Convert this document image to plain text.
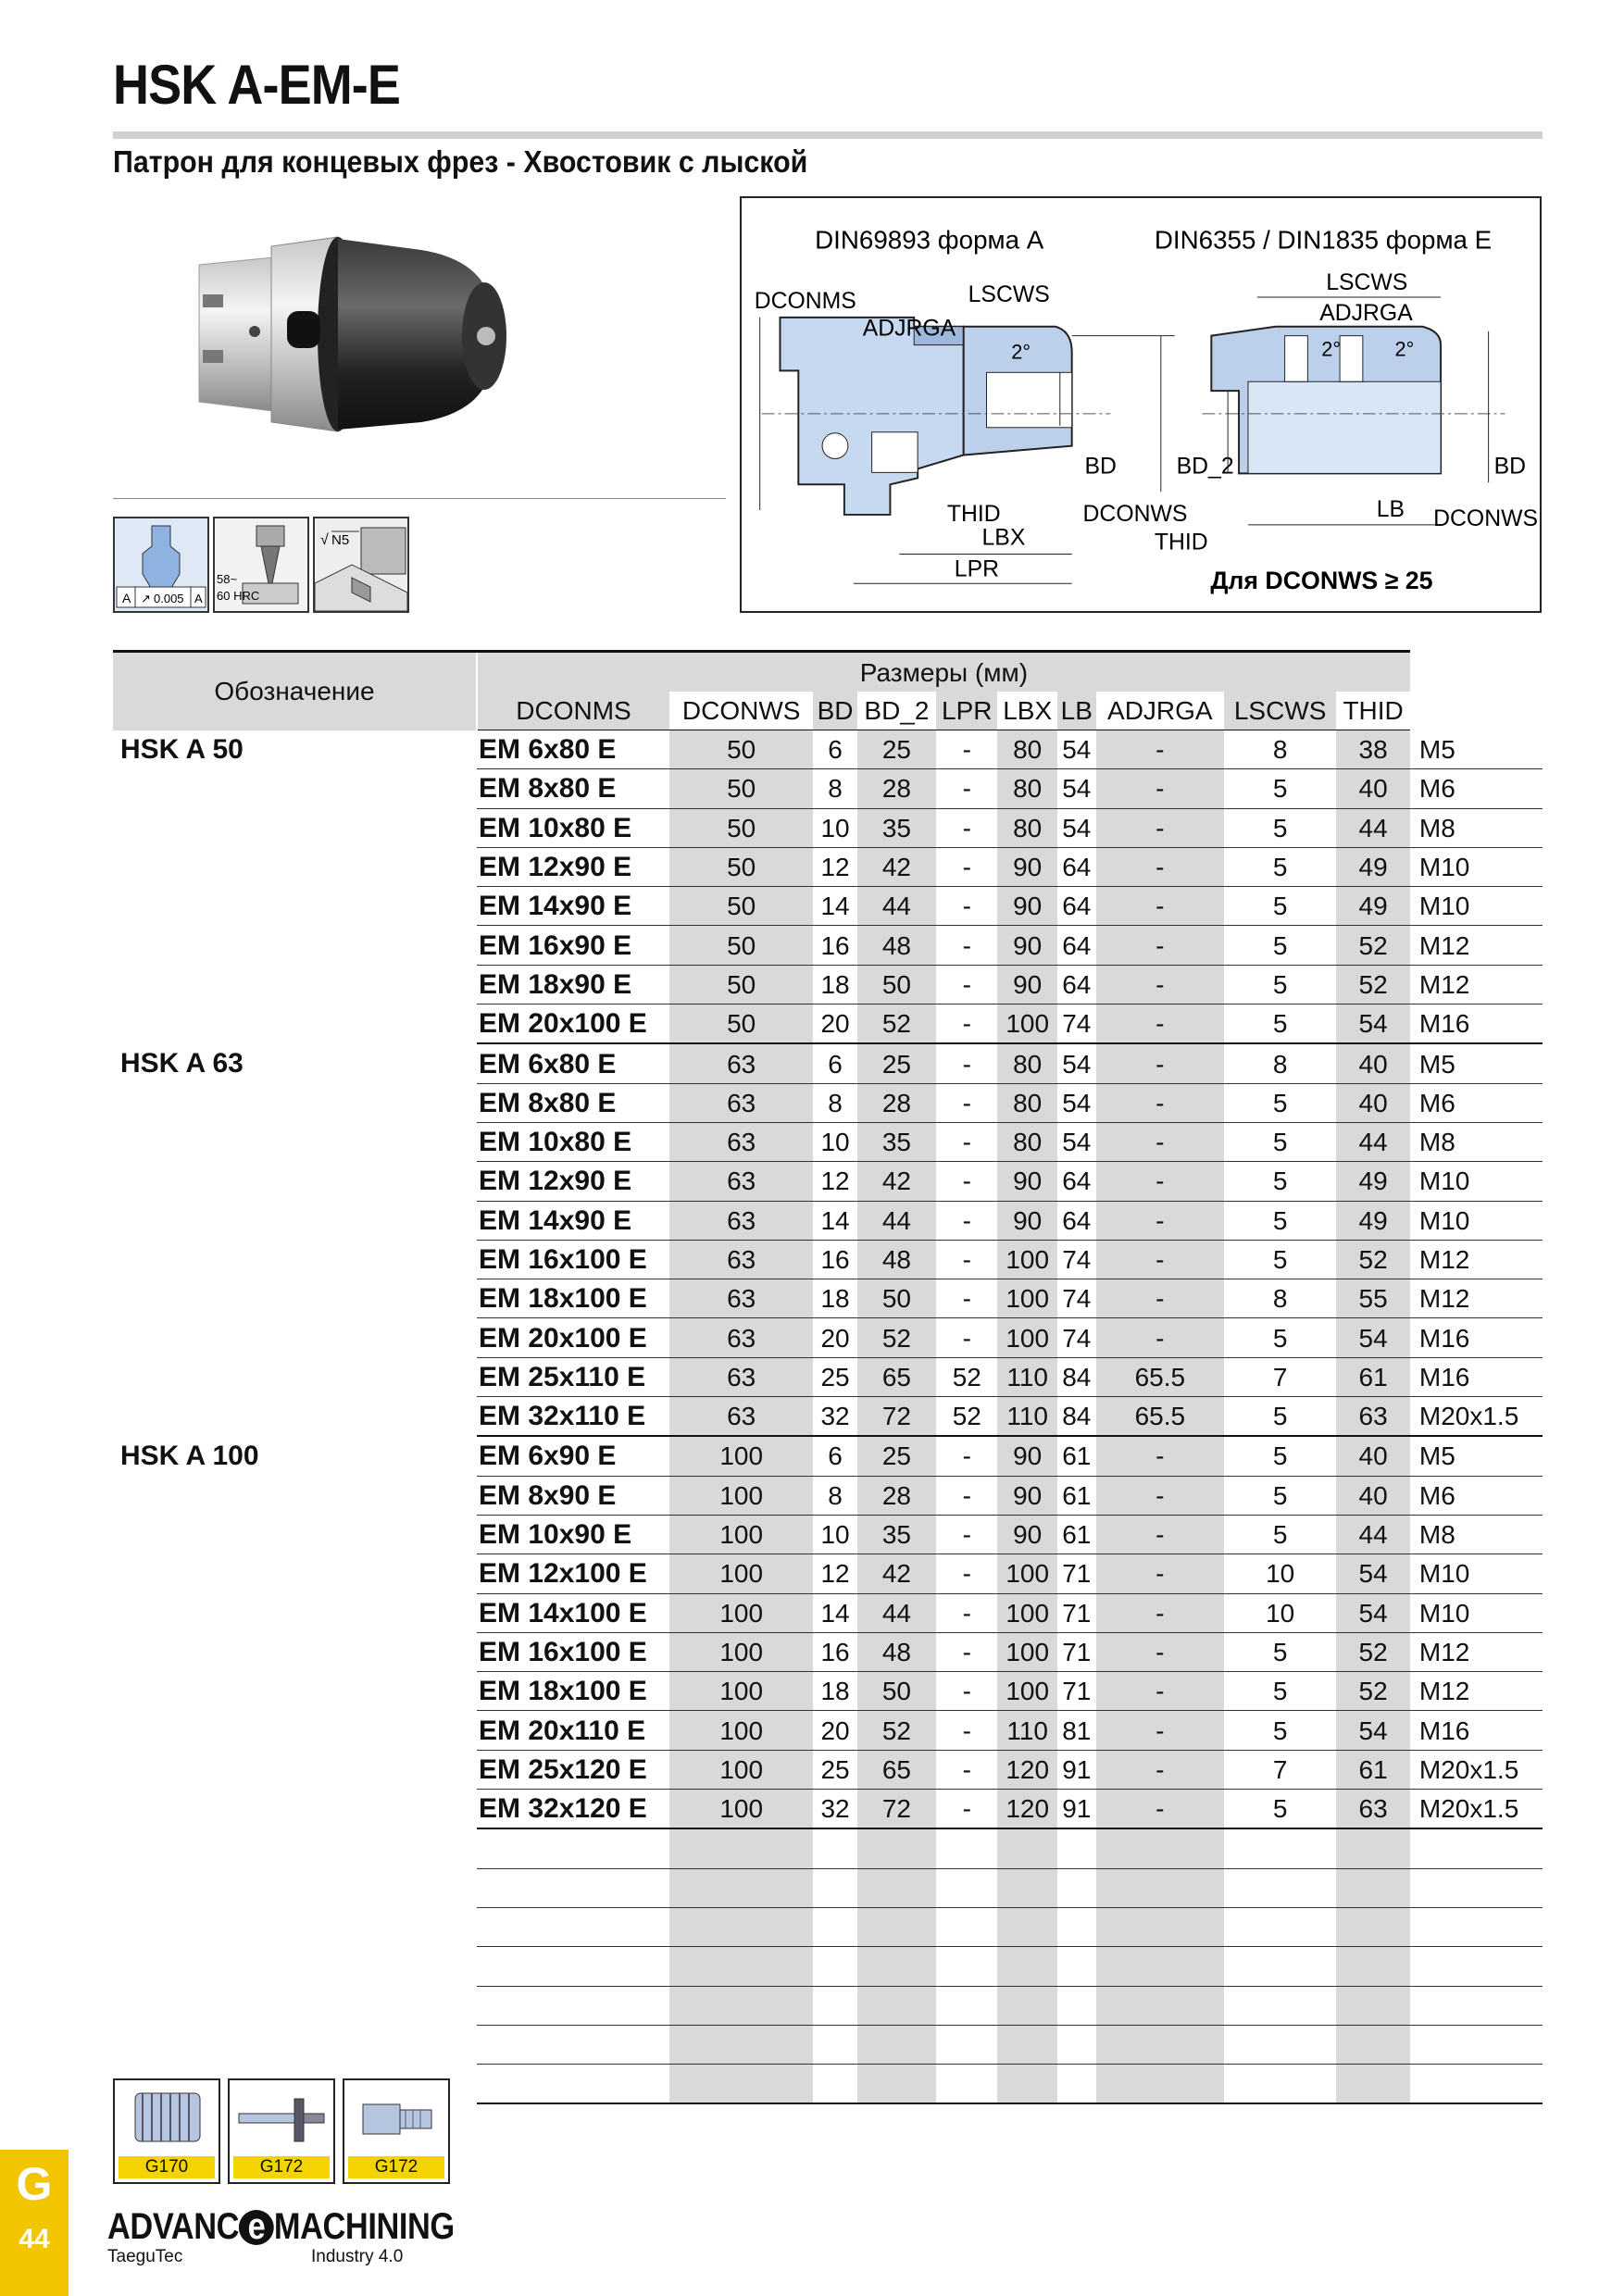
HSK A-EM-E
Патрон для концевых фрез - Хвостовик с лыской
A ↗ 0.005 A
58~
60 HRC
√ N5
DIN69893 форма A	DIN6355 / DIN1835 форма E
DCONMS
ADJRGA
LSCWS
2°
BD
THID
LBX
LPR
DCONWS
LSCWS
ADJRGA
2°	2°
BD_2	BD
LB DCONWS
THID
Для DCONWS ≥ 25
Обозначение	Размеры (мм)										
	DCONMS	DCONWS	BD	BD_2	LPR	LBX	LB	ADJRGA	LSCWS	THID	
HSK A 50	EM 6x80 E	50	6	25	-	80	54	-	8	38	M5
	EM 8x80 E	50	8	28	-	80	54	-	5	40	M6
	EM 10x80 E	50	10	35	-	80	54	-	5	44	M8
	EM 12x90 E	50	12	42	-	90	64	-	5	49	M10
	EM 14x90 E	50	14	44	-	90	64	-	5	49	M10
	EM 16x90 E	50	16	48	-	90	64	-	5	52	M12
	EM 18x90 E	50	18	50	-	90	64	-	5	52	M12
	EM 20x100 E	50	20	52	-	100	74	-	5	54	M16
HSK A 63	EM 6x80 E	63	6	25	-	80	54	-	8	40	M5
	EM 8x80 E	63	8	28	-	80	54	-	5	40	M6
	EM 10x80 E	63	10	35	-	80	54	-	5	44	M8
	EM 12x90 E	63	12	42	-	90	64	-	5	49	M10
	EM 14x90 E	63	14	44	-	90	64	-	5	49	M10
	EM 16x100 E	63	16	48	-	100	74	-	5	52	M12
	EM 18x100 E	63	18	50	-	100	74	-	8	55	M12
	EM 20x100 E	63	20	52	-	100	74	-	5	54	M16
	EM 25x110 E	63	25	65	52	110	84	65.5	7	61	M16
	EM 32x110 E	63	32	72	52	110	84	65.5	5	63	M20x1.5
HSK A 100	EM 6x90 E	100	6	25	-	90	61	-	5	40	M5
	EM 8x90 E	100	8	28	-	90	61	-	5	40	M6
	EM 10x90 E	100	10	35	-	90	61	-	5	44	M8
	EM 12x100 E	100	12	42	-	100	71	-	10	54	M10
	EM 14x100 E	100	14	44	-	100	71	-	10	54	M10
	EM 16x100 E	100	16	48	-	100	71	-	5	52	M12
	EM 18x100 E	100	18	50	-	100	71	-	5	52	M12
	EM 20x110 E	100	20	52	-	110	81	-	5	54	M16
	EM 25x120 E	100	25	65	-	120	91	-	7	61	M20x1.5
	EM 32x120 E	100	32	72	-	120	91	-	5	63	M20x1.5

G170	G172	G172
G
44	ADVANC e MACHINING
TaeguTec	Industry 4.0
